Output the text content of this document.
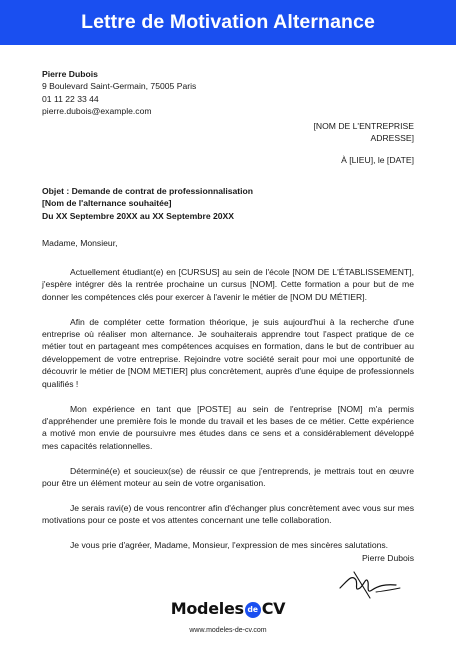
Lettre de Motivation Alternance
Pierre Dubois
9 Boulevard Saint-Germain, 75005 Paris
01 11 22 33 44
pierre.dubois@example.com
[NOM DE L'ENTREPRISE
ADRESSE]
À [LIEU], le [DATE]
Objet : Demande de contrat de professionnalisation
[Nom de l'alternance souhaitée]
Du XX Septembre 20XX au XX Septembre 20XX

Madame, Monsieur,

Actuellement étudiant(e) en [CURSUS] au sein de l'école [NOM DE L'ÉTABLISSEMENT], j'espère intégrer dès la rentrée prochaine un cursus [NOM]. Cette formation a pour but de me donner les compétences clés pour exercer à l'avenir le métier de [NOM DU MÉTIER].

Afin de compléter cette formation théorique, je suis aujourd'hui à la recherche d'une entreprise où réaliser mon alternance. Je souhaiterais apprendre tout l'aspect pratique de ce métier tout en partageant mes compétences acquises en formation, dans le but de contribuer au développement de votre entreprise. Rejoindre votre société serait pour moi une opportunité de découvrir le métier de [NOM METIER] plus concrètement, auprès d'une équipe de professionnels qualifiés !

Mon expérience en tant que [POSTE] au sein de l'entreprise [NOM] m'a permis d'appréhender une première fois le monde du travail et les bases de ce métier. Cette expérience a motivé mon envie de poursuivre mes études dans ce sens et a considérablement développé mes capacités relationnelles.

Déterminé(e) et soucieux(se) de réussir ce que j'entreprends, je mettrais tout en œuvre pour être un élément moteur au sein de votre organisation.

Je serais ravi(e) de vous rencontrer afin d'échanger plus concrètement avec vous sur mes motivations pour ce poste et vos attentes concernant une telle collaboration.

Je vous prie d'agréer, Madame, Monsieur, l'expression de mes sincères salutations.

Pierre Dubois
Modeles de CV
www.modeles-de-cv.com
